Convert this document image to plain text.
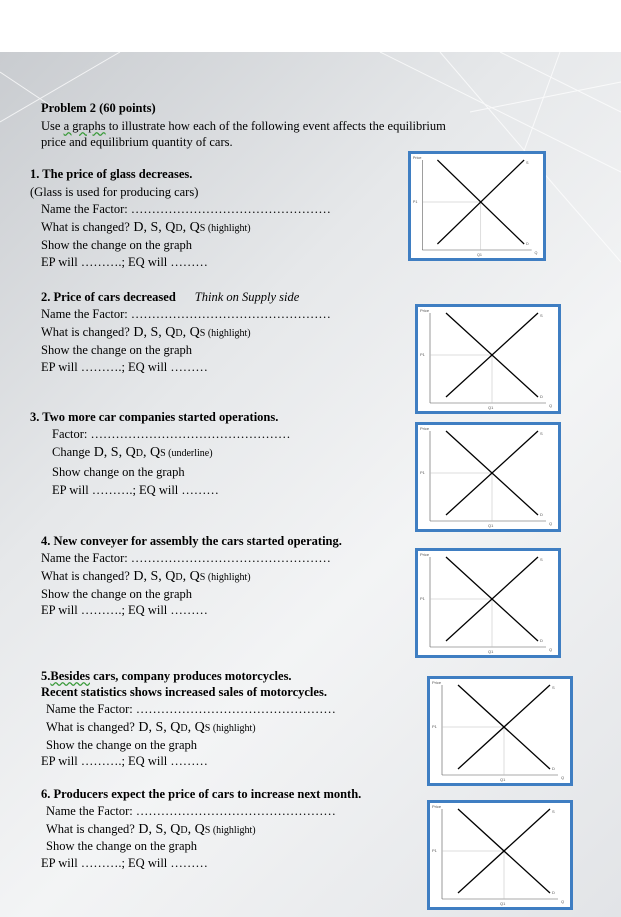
Problem 2 (60 points)
Use a graphs to illustrate how each of the following event affects the equilibrium
price and equilibrium quantity of cars.
1. The price of glass decreases.
(Glass is used for producing cars)
Name the Factor: …………………………………………
What is changed? D, S, QD, QS (highlight)
Show the change on the graph
EP will ……….; EQ will ………
2. Price of cars decreased Think on Supply side
Name the Factor: …………………………………………
What is changed? D, S, QD, QS (highlight)
Show the change on the graph
EP will ……….; EQ will ………
3. Two more car companies started operations.
Factor: …………………………………………
Change D, S, QD, QS (underline)
Show change on the graph
EP will ……….; EQ will ………
4. New conveyer for assembly the cars started operating.
Name the Factor: …………………………………………
What is changed? D, S, QD, QS (highlight)
Show the change on the graph
EP will ……….; EQ will ………
5.Besides cars, company produces motorcycles.
Recent statistics shows increased sales of motorcycles.
Name the Factor: …………………………………………
What is changed? D, S, QD, QS (highlight)
Show the change on the graph
EP will ……….; EQ will ………
6. Producers expect the price of cars to increase next month.
Name the Factor: …………………………………………
What is changed? D, S, QD, QS (highlight)
Show the change on the graph
EP will ……….; EQ will ………
Price
P1
S
D
Q
Q1
Price
P1
S
D
Q
Q1
Price
P1
S
D
Q
Q1
Price
P1
S
D
Q
Q1
Price
P1
S
D
Q
Q1
Price
P1
S
D
Q
Q1
